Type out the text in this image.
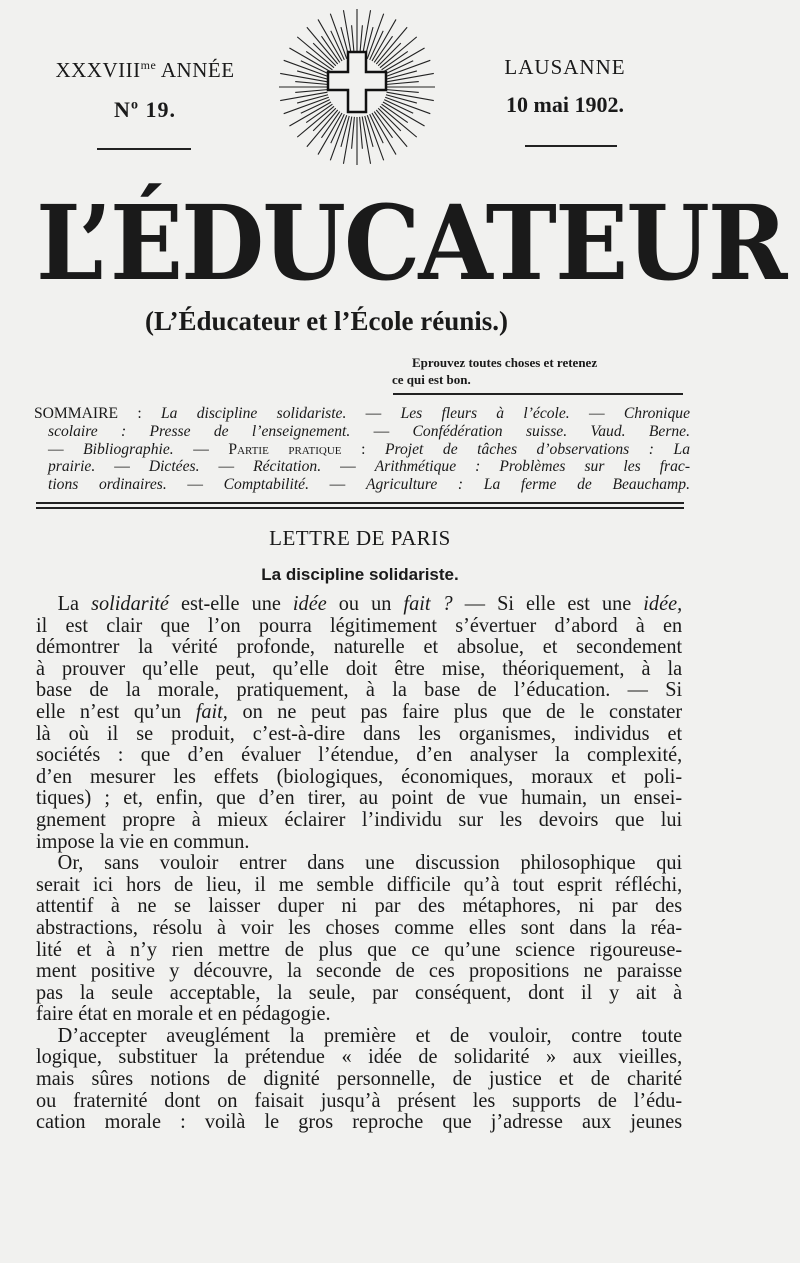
$XXXVIII^{me}$ ANNÉE
$N^o$ 19.
LAUSANNE
10 mai 1902.
L’ÉDUCATEUR
(L’Éducateur et l’École réunis.)
Eprouvez toutes choses et retenez
ce qui est bon.
SOMMAIRE : La discipline solidariste. — Les fleurs à l’école. — Chronique
scolaire : Presse de l’enseignement. — Confédération suisse. Vaud. Berne.
— Bibliographie. — Partie pratique : Projet de tâches d’observations : La
prairie. — Dictées. — Récitation. — Arithmétique : Problèmes sur les frac-
tions ordinaires. — Comptabilité. — Agriculture : La ferme de Beauchamp.
LETTRE DE PARIS
La discipline solidariste.
La solidarité est-elle une idée ou un fait ? — Si elle est une idée,
il est clair que l’on pourra légitimement s’évertuer d’abord à en
démontrer la vérité profonde, naturelle et absolue, et secondement
à prouver qu’elle peut, qu’elle doit être mise, théoriquement, à la
base de la morale, pratiquement, à la base de l’éducation. — Si
elle n’est qu’un fait, on ne peut pas faire plus que de le constater
là où il se produit, c’est-à-dire dans les organismes, individus et
sociétés : que d’en évaluer l’étendue, d’en analyser la complexité,
d’en mesurer les effets (biologiques, économiques, moraux et poli-
tiques) ; et, enfin, que d’en tirer, au point de vue humain, un ensei-
gnement propre à mieux éclairer l’individu sur les devoirs que lui
impose la vie en commun.
Or, sans vouloir entrer dans une discussion philosophique qui
serait ici hors de lieu, il me semble difficile qu’à tout esprit réfléchi,
attentif à ne se laisser duper ni par des métaphores, ni par des
abstractions, résolu à voir les choses comme elles sont dans la réa-
lité et à n’y rien mettre de plus que ce qu’une science rigoureuse-
ment positive y découvre, la seconde de ces propositions ne paraisse
pas la seule acceptable, la seule, par conséquent, dont il y ait à
faire état en morale et en pédagogie.
D’accepter aveuglément la première et de vouloir, contre toute
logique, substituer la prétendue « idée de solidarité » aux vieilles,
mais sûres notions de dignité personnelle, de justice et de charité
ou fraternité dont on faisait jusqu’à présent les supports de l’édu-
cation morale : voilà le gros reproche que j’adresse aux jeunes
